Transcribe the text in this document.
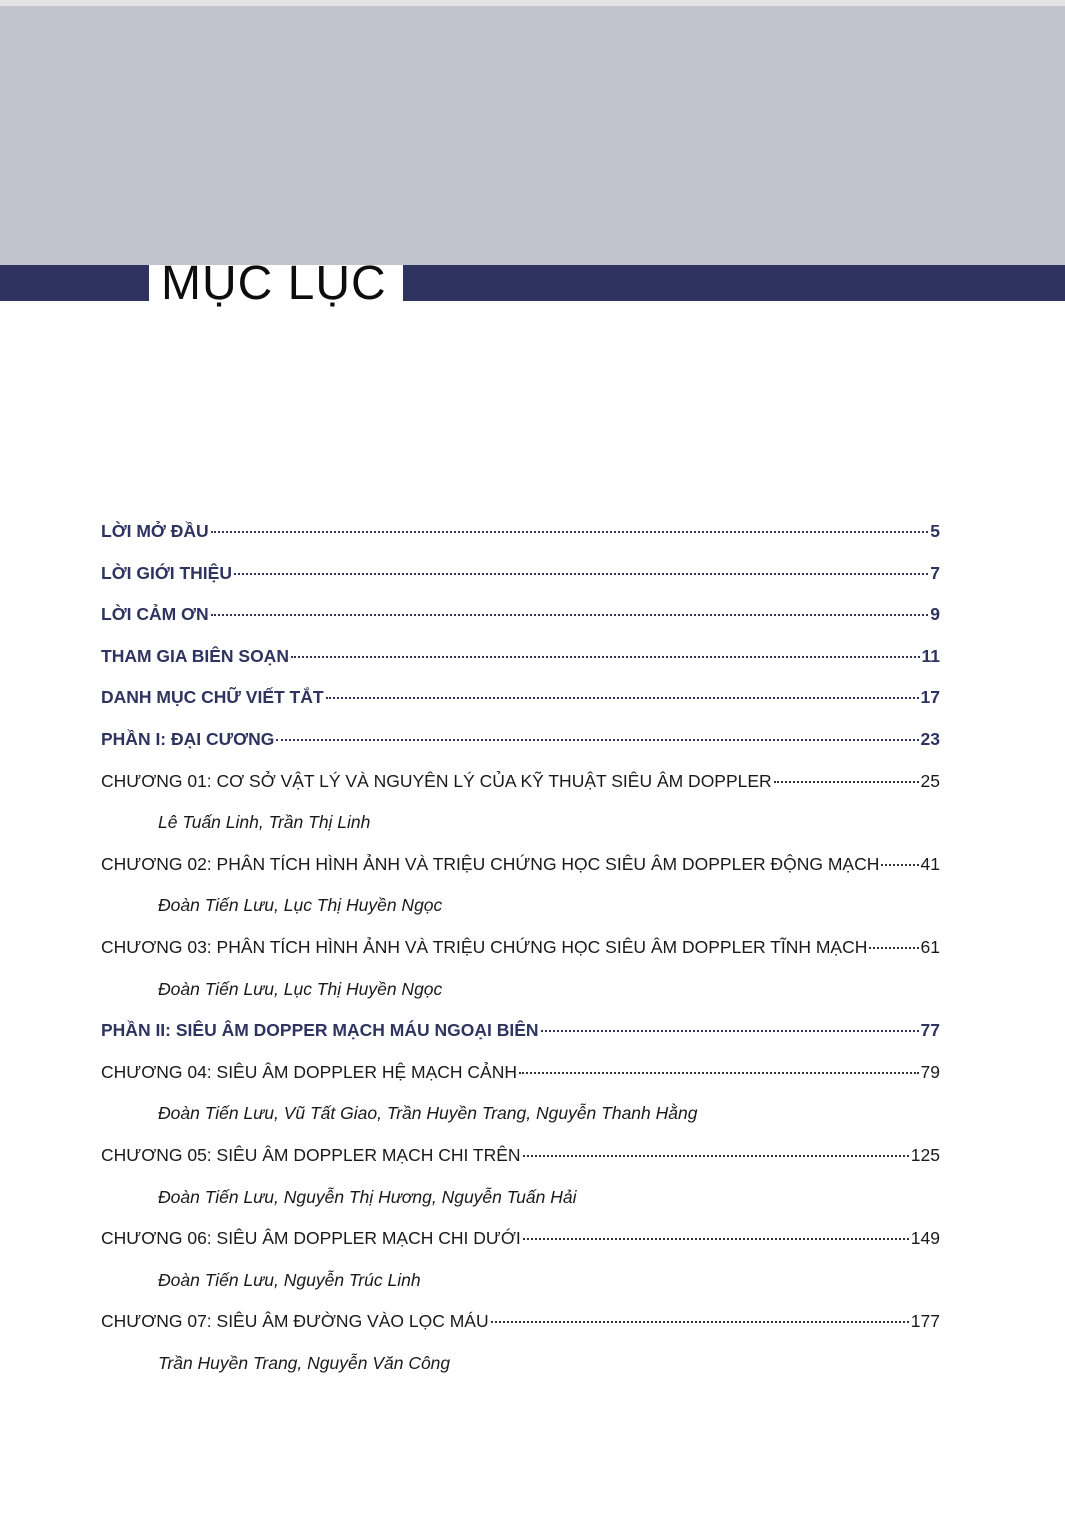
MỤC LỤC
LỜI MỞ ĐẦU	5
LỜI GIỚI THIỆU	7
LỜI CẢM ƠN	9
THAM GIA BIÊN SOẠN	11
DANH MỤC CHỮ VIẾT TẮT	17
PHẦN I: ĐẠI CƯƠNG	23
CHƯƠNG 01: CƠ SỞ VẬT LÝ VÀ NGUYÊN LÝ CỦA KỸ THUẬT SIÊU ÂM DOPPLER	25
Lê Tuấn Linh, Trần Thị Linh
CHƯƠNG 02: PHÂN TÍCH HÌNH ẢNH VÀ TRIỆU CHỨNG HỌC SIÊU ÂM DOPPLER ĐỘNG MẠCH 41
Đoàn Tiến Lưu, Lục Thị Huyền Ngọc
CHƯƠNG 03: PHÂN TÍCH HÌNH ẢNH VÀ TRIỆU CHỨNG HỌC SIÊU ÂM DOPPLER TĨNH MẠCH	61
Đoàn Tiến Lưu, Lục Thị Huyền Ngọc
PHẦN II: SIÊU ÂM DOPPER MẠCH MÁU NGOẠI BIÊN	77
CHƯƠNG 04: SIÊU ÂM DOPPLER HỆ MẠCH CẢNH	79
Đoàn Tiến Lưu, Vũ Tất Giao, Trần Huyền Trang, Nguyễn Thanh Hằng
CHƯƠNG 05: SIÊU ÂM DOPPLER MẠCH CHI TRÊN	125
Đoàn Tiến Lưu, Nguyễn Thị Hương, Nguyễn Tuấn Hải
CHƯƠNG 06: SIÊU ÂM DOPPLER MẠCH CHI DƯỚI	149
Đoàn Tiến Lưu, Nguyễn Trúc Linh
CHƯƠNG 07: SIÊU ÂM ĐƯỜNG VÀO LỌC MÁU	177
Trần Huyền Trang, Nguyễn Văn Công
